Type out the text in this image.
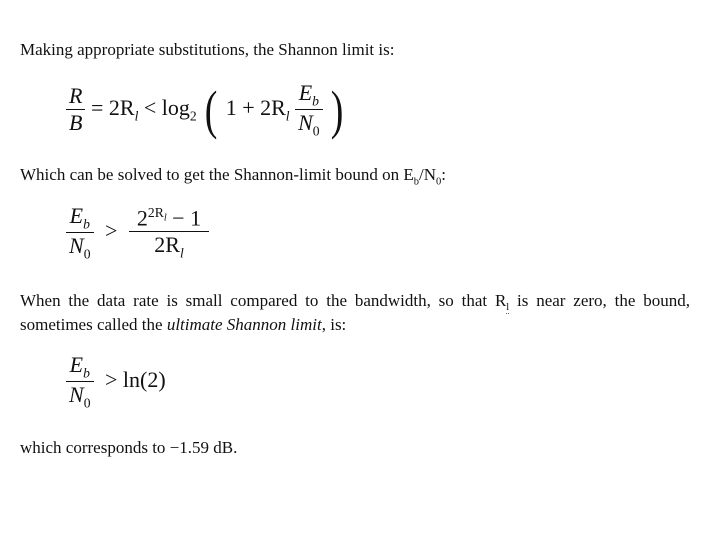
Making appropriate substitutions, the Shannon limit is:
$\frac{R}{B} = 2R_l < \log_2$ ( $1 + 2R_l \frac{E_b}{N_0}$ )
Which can be solved to get the Shannon-limit bound on $E_b/N_0$:
$\frac{E_b}{N_0} > \frac{2^{2R_l} - 1}{2R_l}$
When the data rate is small compared to the bandwidth, so that $R_l$ is near zero, the bound,
sometimes called the ultimate Shannon limit, is:
$\frac{E_b}{N_0} > \ln(2)$
which corresponds to −1.59 dB.
